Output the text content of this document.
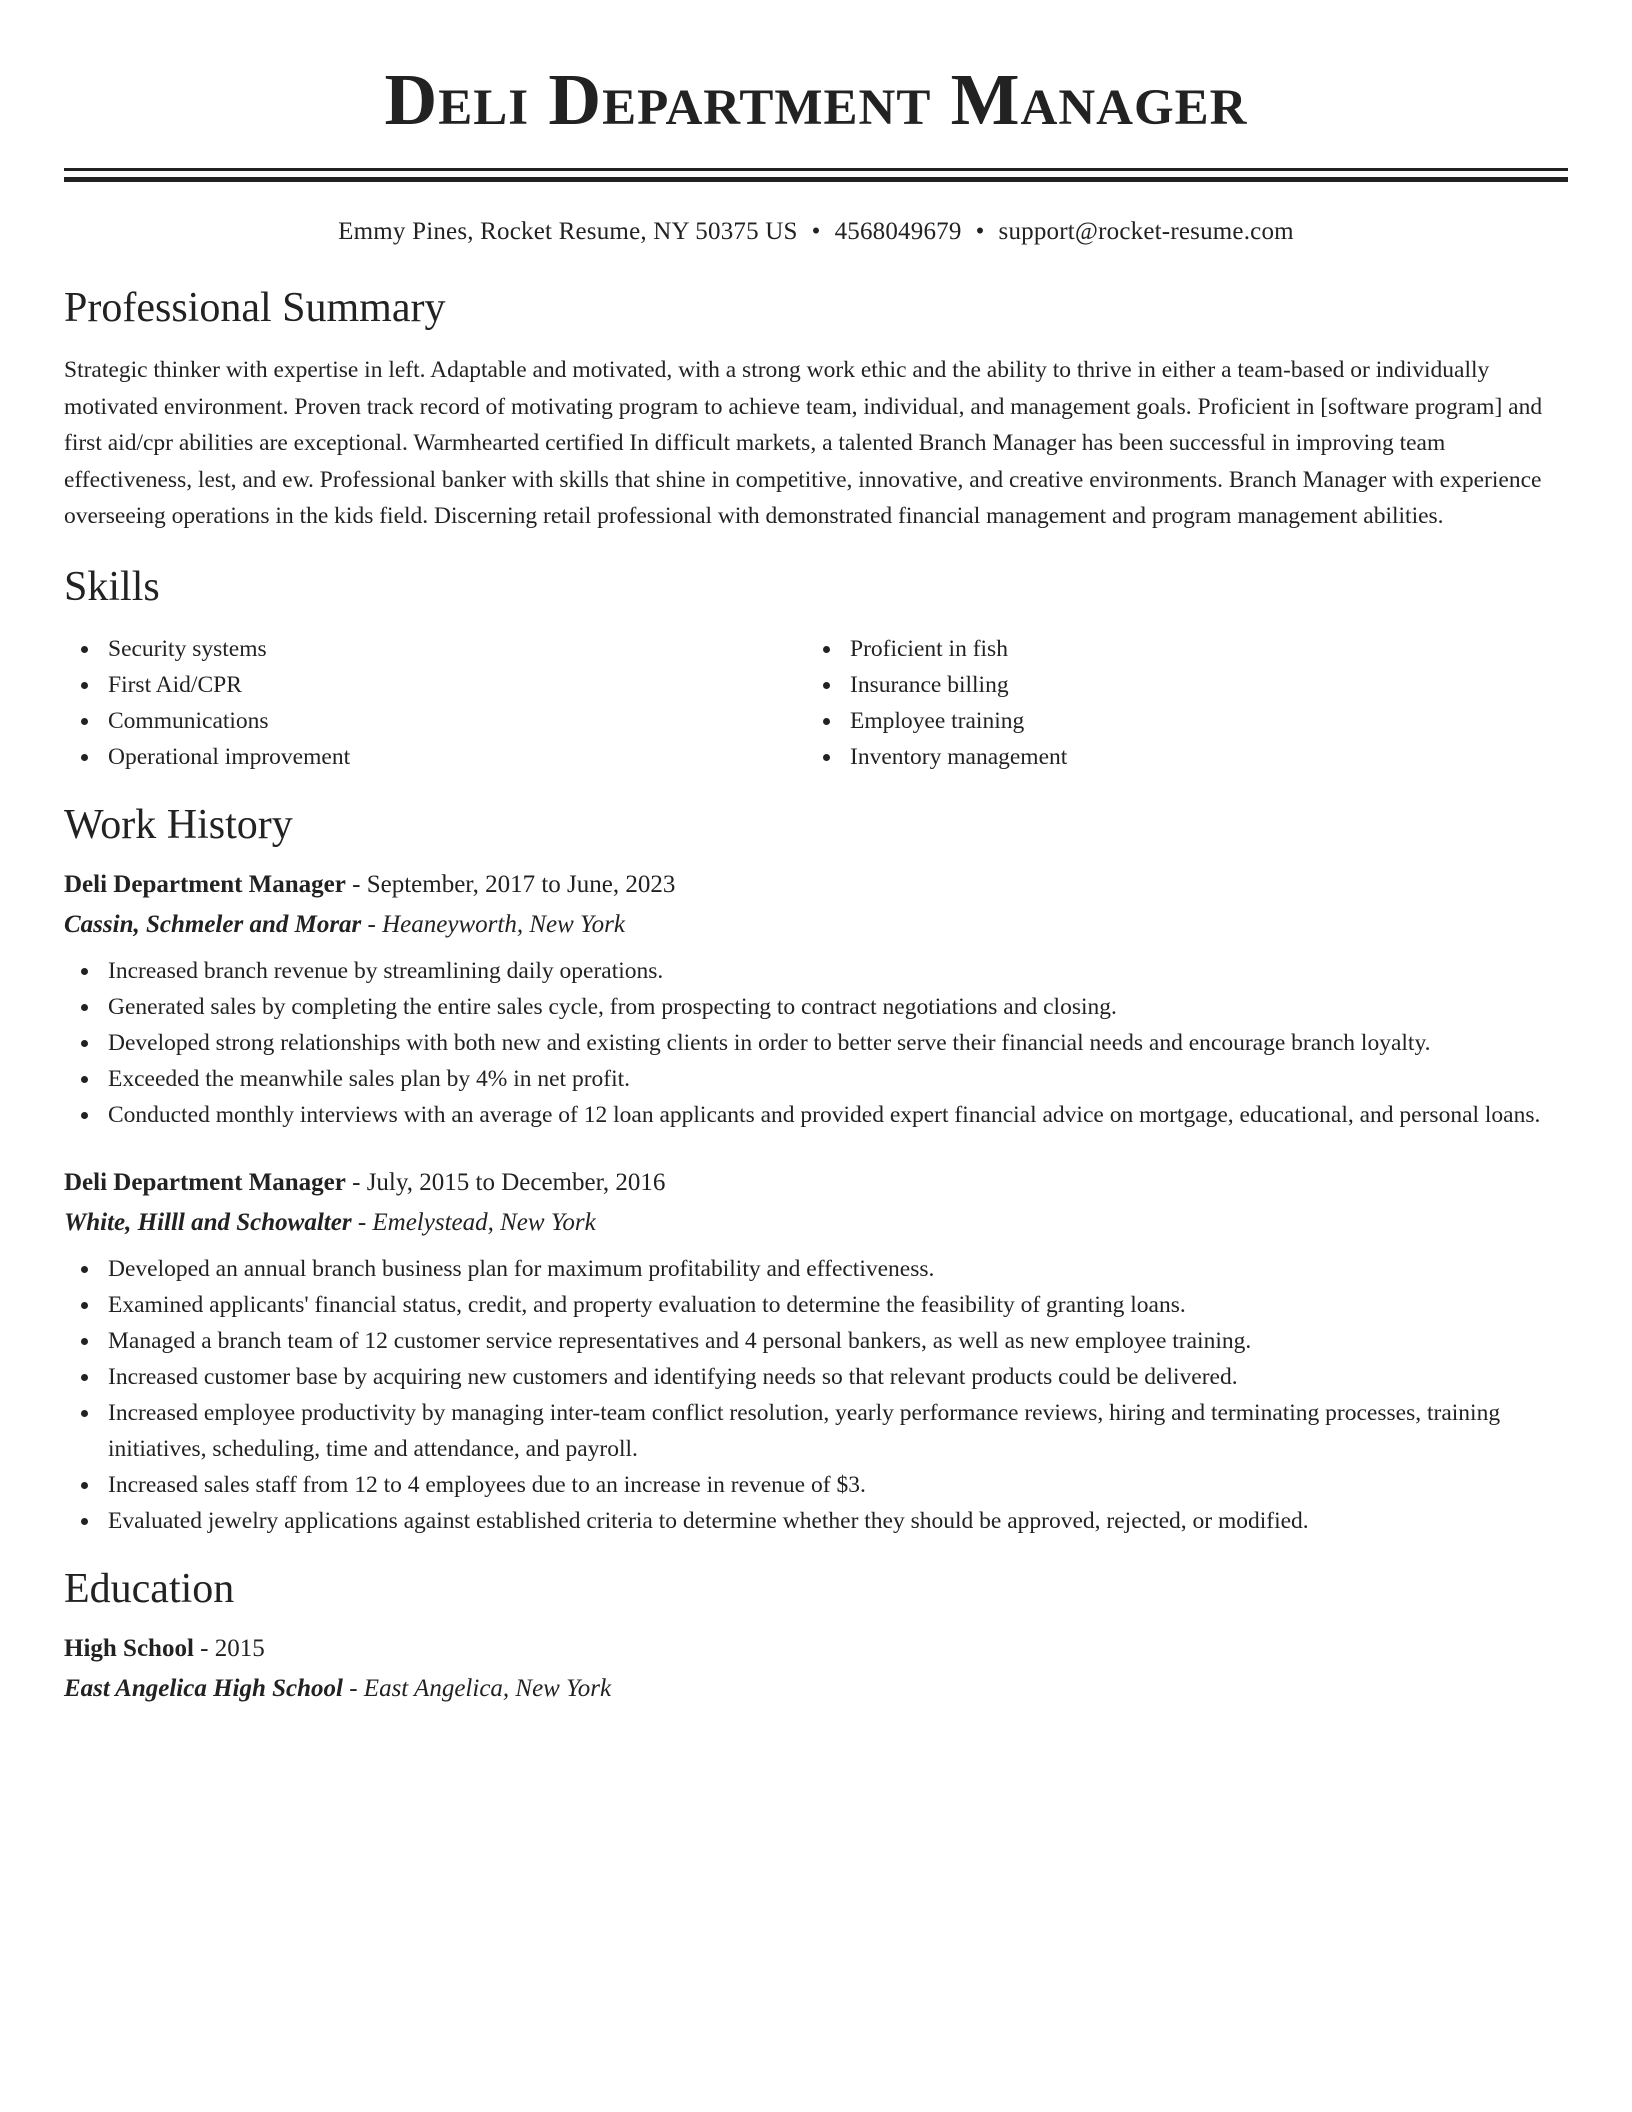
Deli Department Manager
Emmy Pines, Rocket Resume, NY 50375 US • 4568049679 • support@rocket-resume.com
Professional Summary
Strategic thinker with expertise in left. Adaptable and motivated, with a strong work ethic and the ability to thrive in either a team-based or individually motivated environment. Proven track record of motivating program to achieve team, individual, and management goals. Proficient in [software program] and first aid/cpr abilities are exceptional. Warmhearted certified In difficult markets, a talented Branch Manager has been successful in improving team effectiveness, lest, and ew. Professional banker with skills that shine in competitive, innovative, and creative environments. Branch Manager with experience overseeing operations in the kids field. Discerning retail professional with demonstrated financial management and program management abilities.
Skills
Security systems
First Aid/CPR
Communications
Operational improvement
Proficient in fish
Insurance billing
Employee training
Inventory management
Work History
Deli Department Manager - September, 2017 to June, 2023
Cassin, Schmeler and Morar - Heaneyworth, New York
Increased branch revenue by streamlining daily operations.
Generated sales by completing the entire sales cycle, from prospecting to contract negotiations and closing.
Developed strong relationships with both new and existing clients in order to better serve their financial needs and encourage branch loyalty.
Exceeded the meanwhile sales plan by 4% in net profit.
Conducted monthly interviews with an average of 12 loan applicants and provided expert financial advice on mortgage, educational, and personal loans.
Deli Department Manager - July, 2015 to December, 2016
White, Hilll and Schowalter - Emelystead, New York
Developed an annual branch business plan for maximum profitability and effectiveness.
Examined applicants' financial status, credit, and property evaluation to determine the feasibility of granting loans.
Managed a branch team of 12 customer service representatives and 4 personal bankers, as well as new employee training.
Increased customer base by acquiring new customers and identifying needs so that relevant products could be delivered.
Increased employee productivity by managing inter-team conflict resolution, yearly performance reviews, hiring and terminating processes, training initiatives, scheduling, time and attendance, and payroll.
Increased sales staff from 12 to 4 employees due to an increase in revenue of $3.
Evaluated jewelry applications against established criteria to determine whether they should be approved, rejected, or modified.
Education
High School - 2015
East Angelica High School - East Angelica, New York
